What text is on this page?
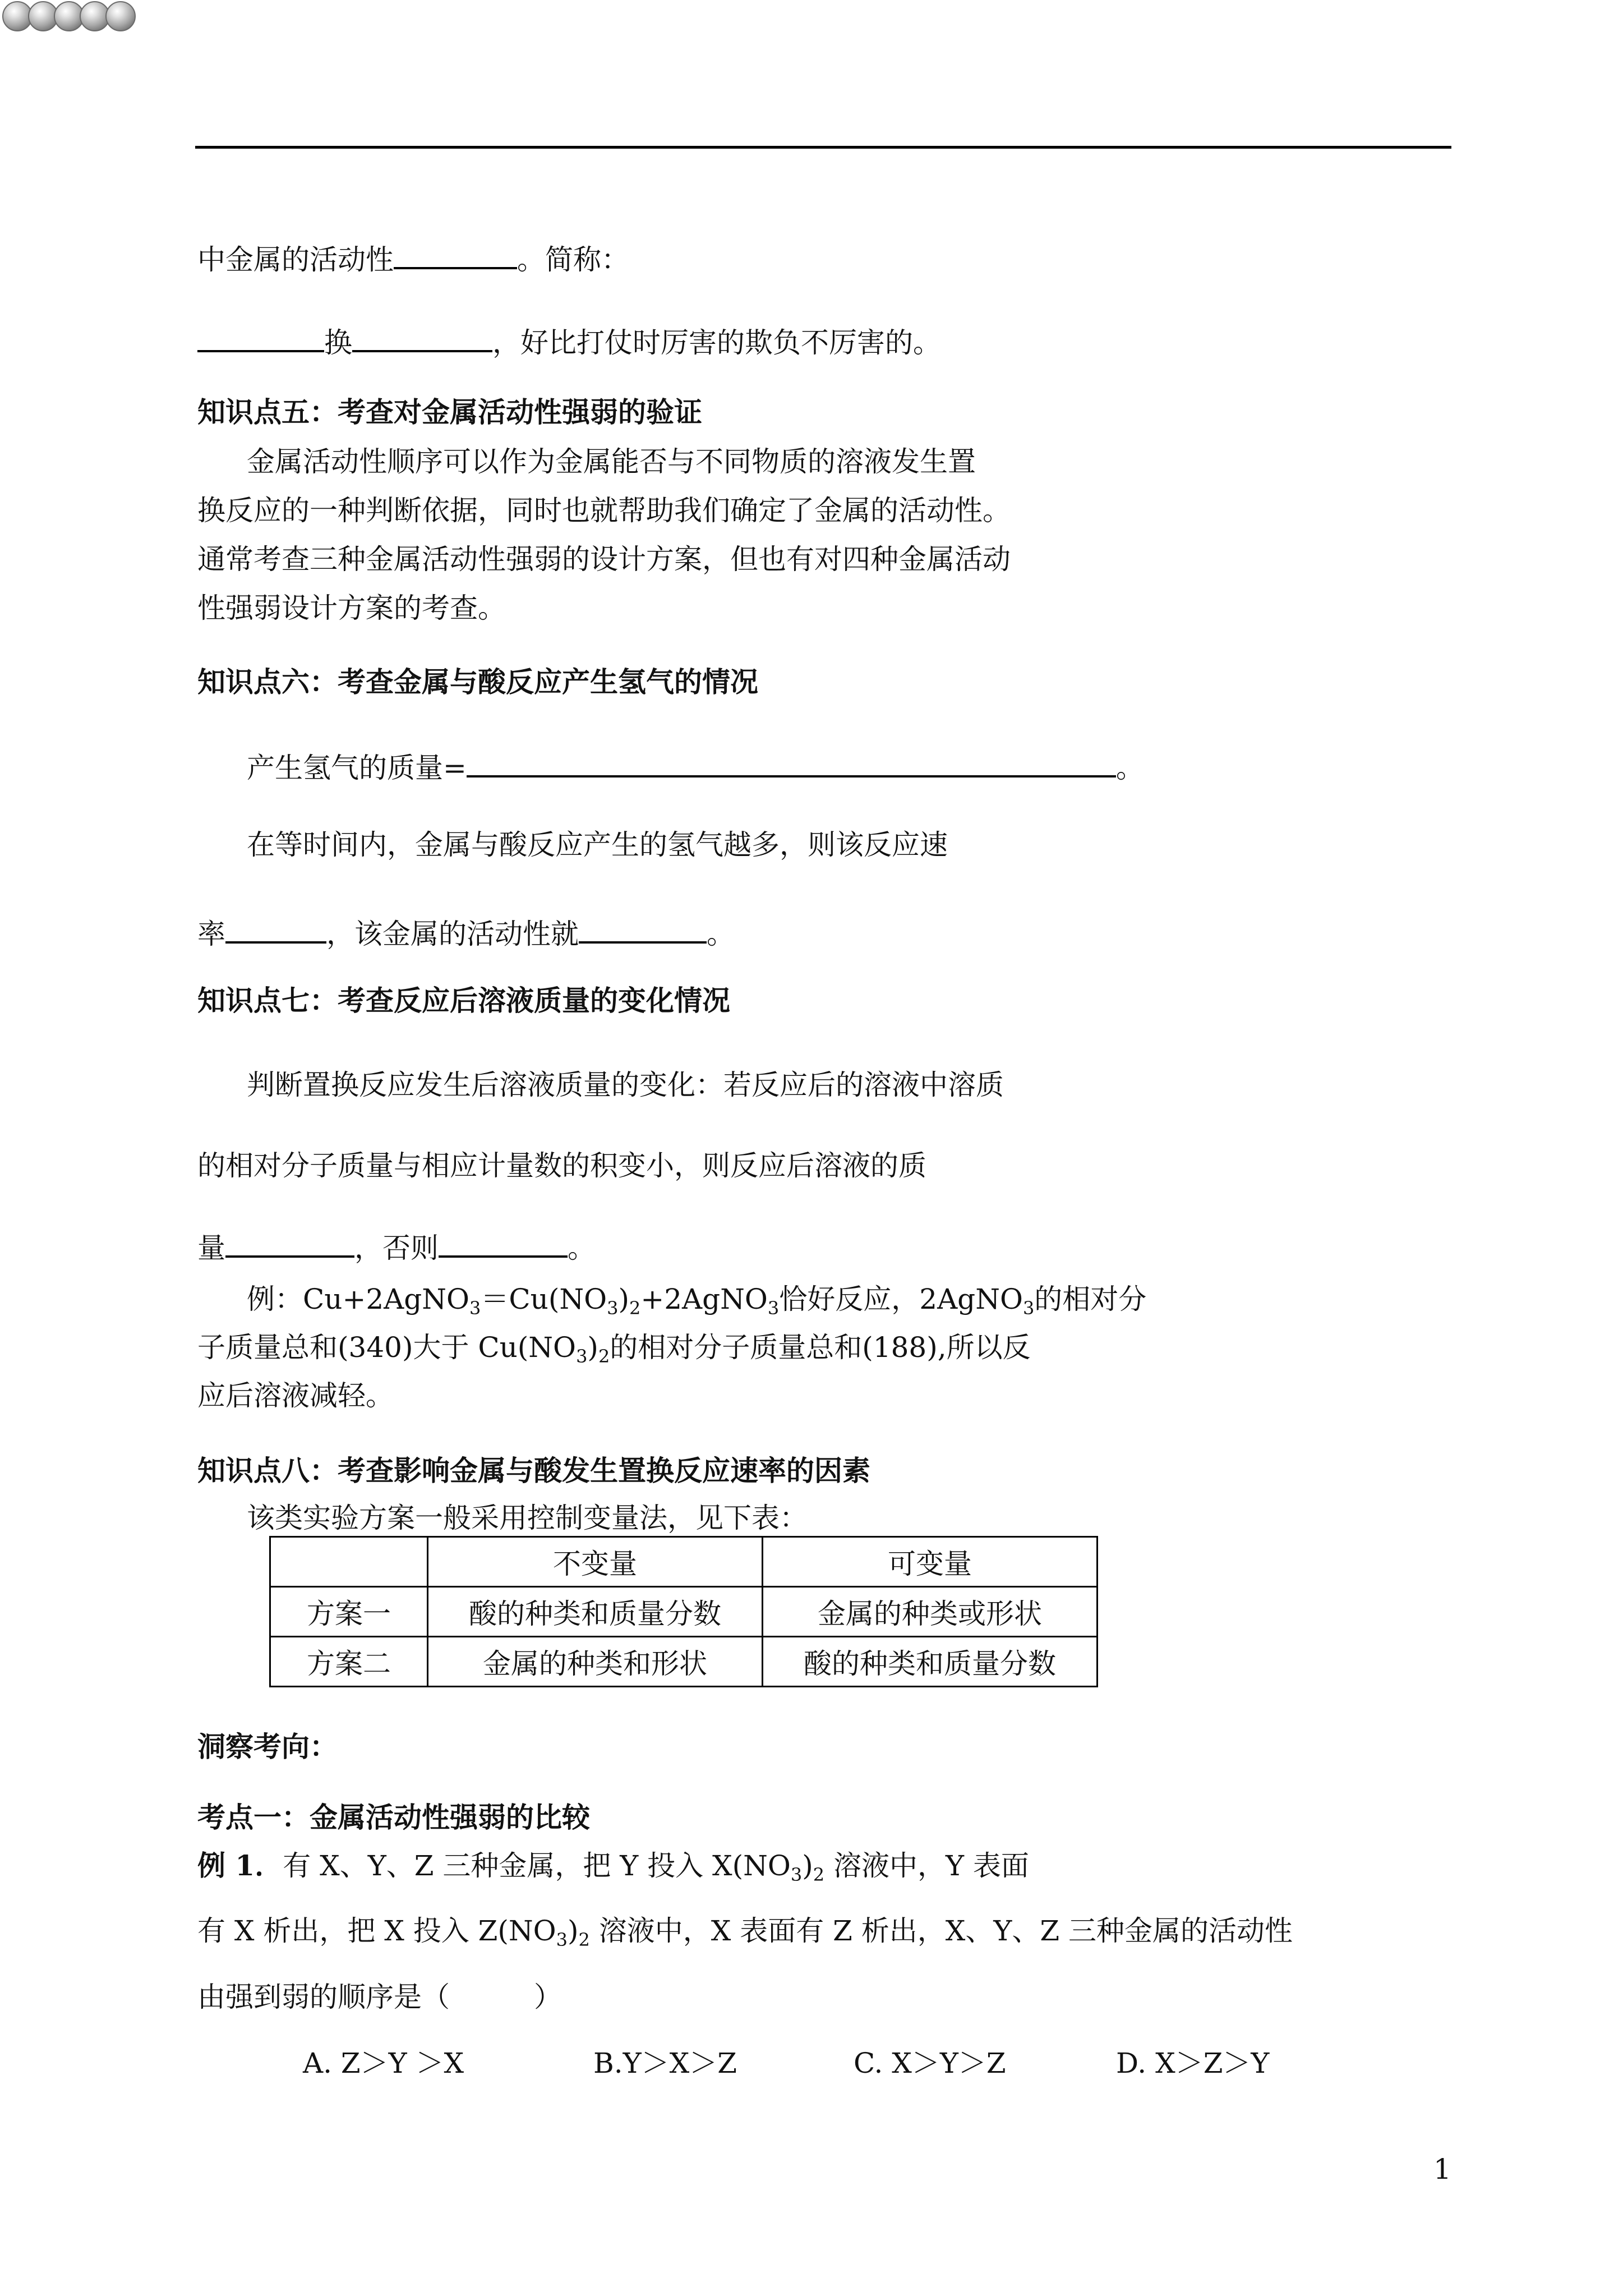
中金属的活动性	。简称：
换	，好比打仗时厉害的欺负不厉害的。
知识点五：考查对金属活动性强弱的验证
金属活动性顺序可以作为金属能否与不同物质的溶液发生置
换反应的一种判断依据，同时也就帮助我们确定了金属的活动性。
通常考查三种金属活动性强弱的设计方案，但也有对四种金属活动
性强弱设计方案的考查。
知识点六：考查金属与酸反应产生氢气的情况
产生氢气的质量=	。
在等时间内，金属与酸反应产生的氢气越多，则该反应速
率	，该金属的活动性就	。
知识点七：考查反应后溶液质量的变化情况
判断置换反应发生后溶液质量的变化：若反应后的溶液中溶质
的相对分子质量与相应计量数的积变小，则反应后溶液的质
量	，否则	。
例：$Cu+2AgNO_3=Cu(NO_3)_2+2AgNO_3$恰好反应，2AgNO$_3$的相对分
子质量总和(340)大于 $Cu(NO_3)_2$的相对分子质量总和(188),所以反
应后溶液减轻。
知识点八：考查影响金属与酸发生置换反应速率的因素
该类实验方案一般采用控制变量法，见下表：
	不变量	可变量
方案一	酸的种类和质量分数	金属的种类或形状
方案二	金属的种类和形状	酸的种类和质量分数
洞察考向：
考点一：金属活动性强弱的比较
例 1．有 X、Y、Z 三种金属，把 Y 投入 $X(NO_3)_2$ 溶液中，Y 表面
有 X 析出，把 X 投入 $Z(NO_3)_2$ 溶液中，X 表面有 Z 析出，X、Y、Z 三种金属的活动性
由强到弱的顺序是（　　　）
A. Z＞Y ＞X	B.Y＞X＞Z	C. X＞Y＞Z	D. X＞Z＞Y
1
